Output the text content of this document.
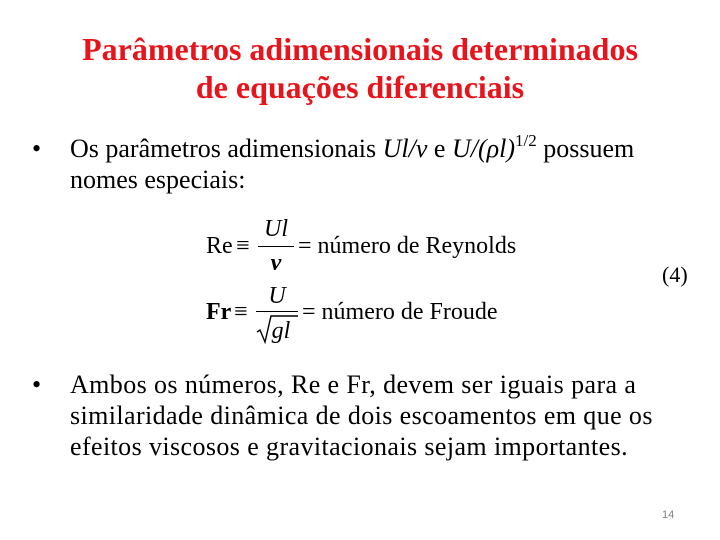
Parâmetros adimensionais determinados

de equações diferenciais
• Os parâmetros adimensionais Ul/ν e $U/(\rho l)^{1/2}$ possuem
nomes especiais:
Re ≡
Ul
ν
= número de Reynolds
Fr ≡
U
gl
= número de Froude
(4)
• Ambos os números, Re e Fr, devem ser iguais para a
similaridade dinâmica de dois escoamentos em que os
efeitos viscosos e gravitacionais sejam importantes.
14
